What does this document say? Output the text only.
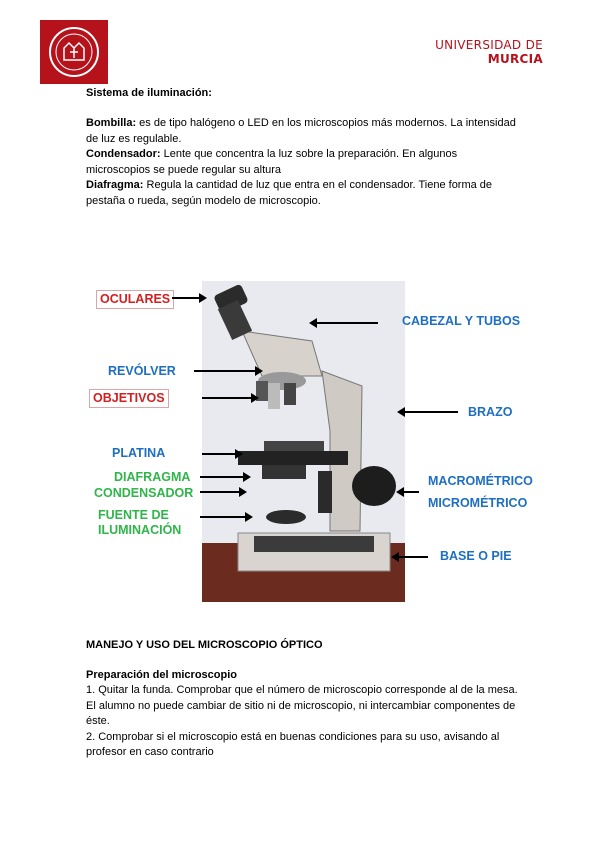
UNIVERSIDAD DE
MURCIA
Sistema de iluminación:
Bombilla: es de tipo halógeno o LED en los microscopios más modernos. La intensidad de luz es regulable.
Condensador: Lente que concentra la luz sobre la preparación. En algunos microscopios se puede regular su altura
Diafragma: Regula la cantidad de luz que entra en el condensador. Tiene forma de pestaña o rueda, según modelo de microscopio.
OCULARES
REVÓLVER
OBJETIVOS
PLATINA
DIAFRAGMA
CONDENSADOR
FUENTE DE
ILUMINACIÓN
CABEZAL Y TUBOS
BRAZO
MACROMÉTRICO
MICROMÉTRICO
BASE O PIE
MANEJO Y USO DEL MICROSCOPIO ÓPTICO
Preparación del microscopio
1. Quitar la funda. Comprobar que el número de microscopio corresponde al de la mesa. El alumno no puede cambiar de sitio ni de microscopio, ni intercambiar componentes de éste.
2. Comprobar si el microscopio está en buenas condiciones para su uso, avisando al profesor en caso contrario
